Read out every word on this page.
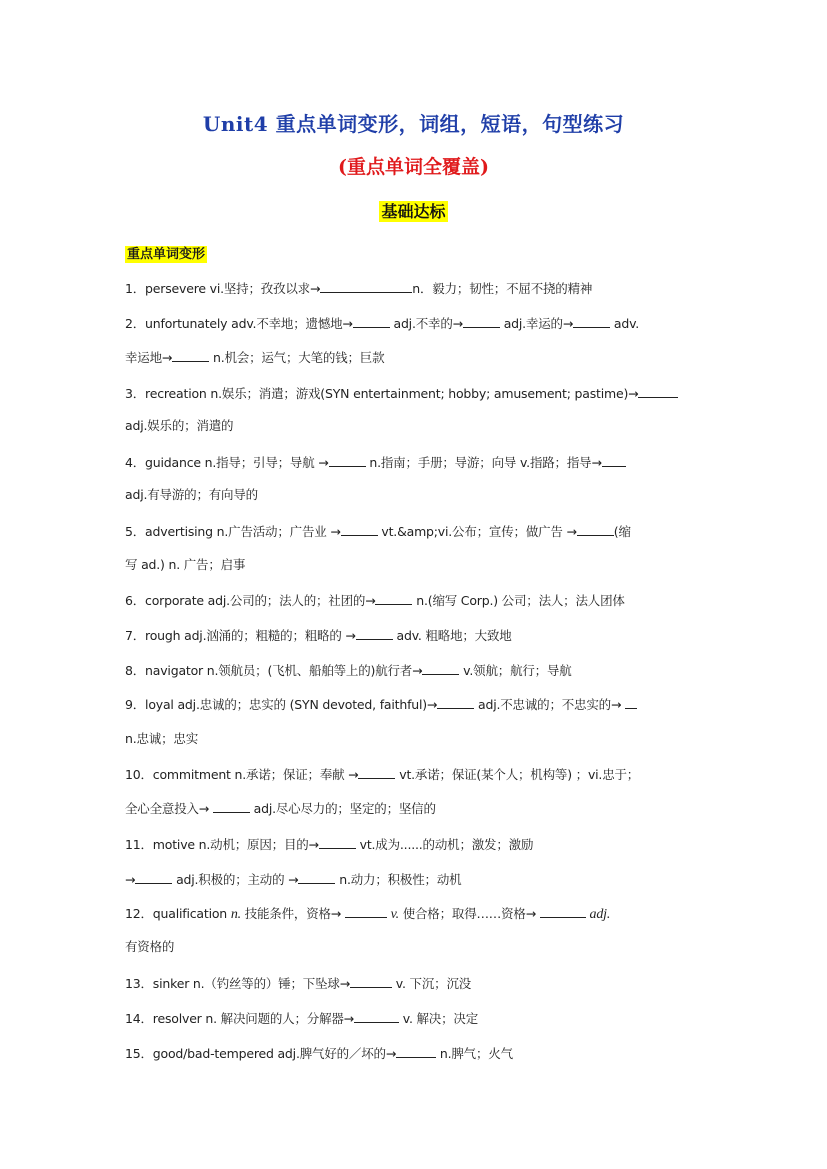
Unit4 重点单词变形，词组，短语，句型练习
(重点单词全覆盖)
基础达标
重点单词变形
1．persevere vi.坚持；孜孜以求→	n．毅力；韧性；不屈不挠的精神
2．unfortunately adv.不幸地；遗憾地→	adj.不幸的→	adj.幸运的→	adv.
幸运地→	n.机会；运气；大笔的钱；巨款
3．recreation n.娱乐；消遣；游戏(SYN entertainment; hobby; amusement; pastime)→
adj.娱乐的；消遣的
4．guidance n.指导；引导；导航 →	n.指南；手册；导游；向导 v.指路；指导→
adj.有导游的；有向导的
5．advertising n.广告活动；广告业 →	vt.&amp;vi.公布；宣传；做广告 →	(缩
写 ad.) n. 广告；启事
6．corporate adj.公司的；法人的；社团的→	n.(缩写 Corp.) 公司；法人；法人团体
7．rough adj.汹涌的；粗糙的；粗略的 →	adv. 粗略地；大致地
8．navigator n.领航员；(飞机、船舶等上的)航行者→	v.领航；航行；导航
9．loyal adj.忠诚的；忠实的 (SYN devoted, faithful)→	adj.不忠诚的；不忠实的→
n.忠诚；忠实
10．commitment n.承诺；保证；奉献 →	vt.承诺；保证(某个人；机构等) ；vi.忠于；
全心全意投入→	adj.尽心尽力的；坚定的；坚信的
11．motive n.动机；原因；目的→	vt.成为......的动机；激发；激励
→	adj.积极的；主动的 →	n.动力；积极性；动机
12．qualification n. 技能条件，资格→	v. 使合格；取得……资格→	adj.
有资格的
13．sinker n.（钓丝等的）锤；下坠球→	v. 下沉；沉没
14．resolver n. 解决问题的人；分解器→	v. 解决；决定
15．good/bad-tempered adj.脾气好的／坏的→	n.脾气；火气
